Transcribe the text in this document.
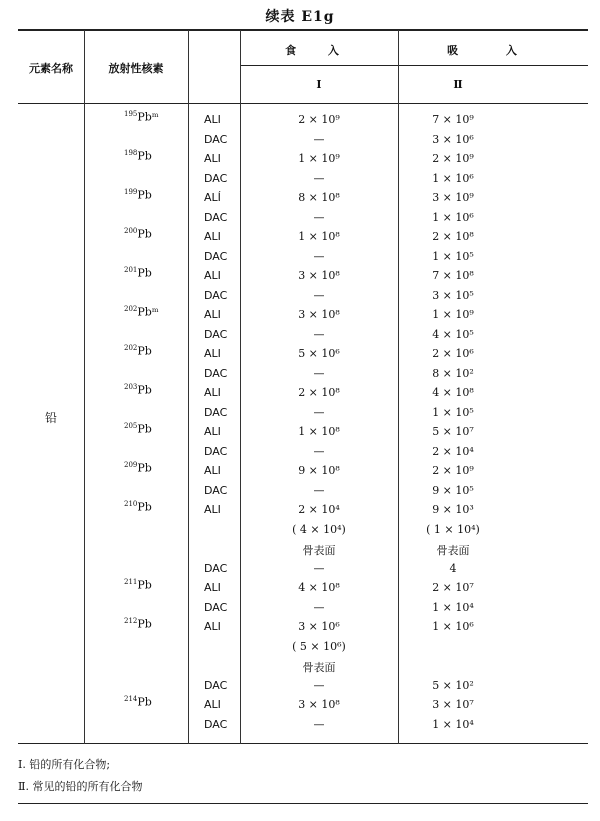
续表 E1g
元素名称	放射性核素
食 入	吸 入
I	Ⅱ
铅
$^{195}$Pbᵐ	ALI	2 × 10⁹	7 × 10⁹
DAC	—	3 × 10⁶
$^{198}$Pb	ALI	1 × 10⁹	2 × 10⁹
DAC	—	1 × 10⁶
$^{199}$Pb	ALÍ	8 × 10⁸	3 × 10⁹
DAC	—	1 × 10⁶
$^{200}$Pb	ALI	1 × 10⁸	2 × 10⁸
DAC	—	1 × 10⁵
$^{201}$Pb	ALI	3 × 10⁸	7 × 10⁸
DAC	—	3 × 10⁵
$^{202}$Pbᵐ	ALI	3 × 10⁸	1 × 10⁹
DAC	—	4 × 10⁵
$^{202}$Pb	ALI	5 × 10⁶	2 × 10⁶
DAC	—	8 × 10²
$^{203}$Pb	ALI	2 × 10⁸	4 × 10⁸
DAC	—	1 × 10⁵
$^{205}$Pb	ALI	1 × 10⁸	5 × 10⁷
DAC	—	2 × 10⁴
$^{209}$Pb	ALI	9 × 10⁸	2 × 10⁹
DAC	—	9 × 10⁵
$^{210}$Pb	ALI	2 × 10⁴	9 × 10³
( 4 × 10⁴)	( 1 × 10⁴)
骨表面	骨表面
DAC	—	4
$^{211}$Pb	ALI	4 × 10⁸	2 × 10⁷
DAC	—	1 × 10⁴
$^{212}$Pb	ALI	3 × 10⁶	1 × 10⁶
( 5 × 10⁶)
骨表面
DAC	—	5 × 10²
$^{214}$Pb	ALI	3 × 10⁸	3 × 10⁷
DAC	—	1 × 10⁴
Ⅰ. 铅的所有化合物;
Ⅱ. 常见的铅的所有化合物
